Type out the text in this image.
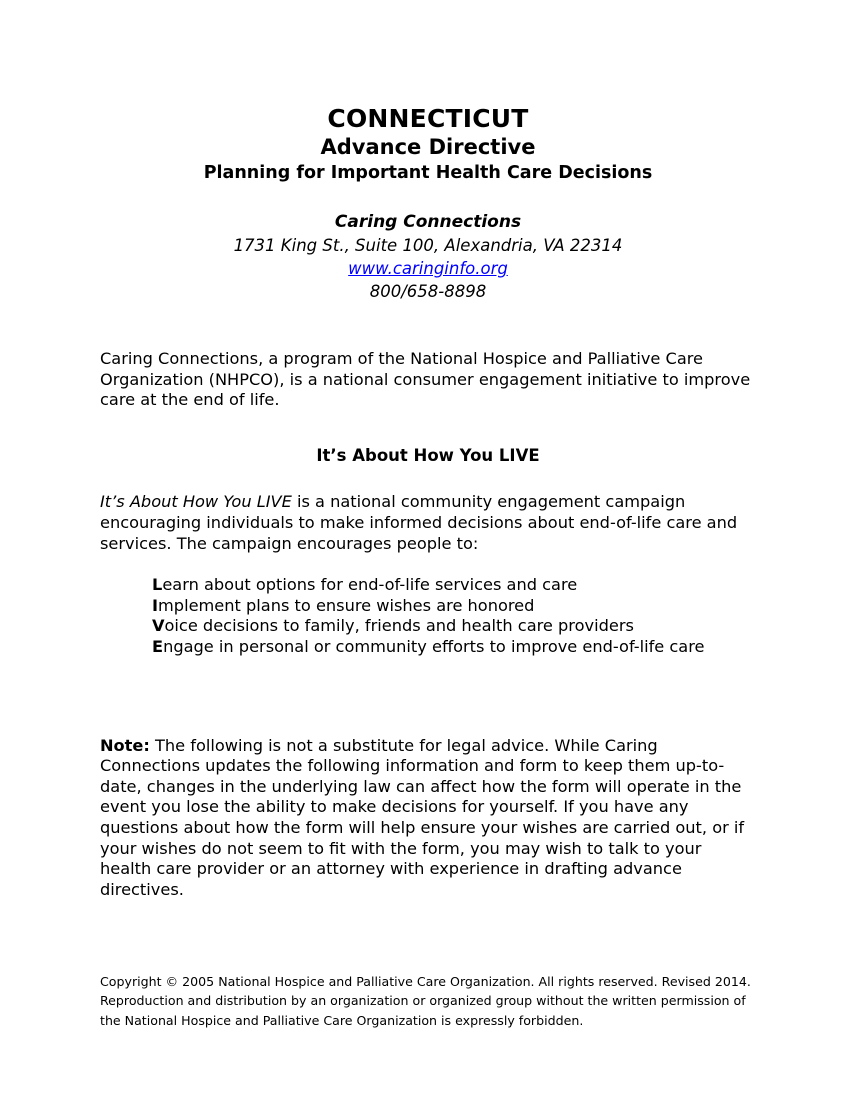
CONNECTICUT
Advance Directive
Planning for Important Health Care Decisions
Caring Connections
1731 King St., Suite 100, Alexandria, VA 22314
www.caringinfo.org
800/658-8898

Caring Connections, a program of the National Hospice and Palliative Care Organization (NHPCO), is a national consumer engagement initiative to improve care at the end of life.

It’s About How You LIVE

It’s About How You LIVE is a national community engagement campaign encouraging individuals to make informed decisions about end-of-life care and services. The campaign encourages people to:

Learn about options for end-of-life services and care
Implement plans to ensure wishes are honored
Voice decisions to family, friends and health care providers
Engage in personal or community efforts to improve end-of-life care

Note: The following is not a substitute for legal advice. While Caring Connections updates the following information and form to keep them up-to-date, changes in the underlying law can affect how the form will operate in the event you lose the ability to make decisions for yourself. If you have any questions about how the form will help ensure your wishes are carried out, or if your wishes do not seem to fit with the form, you may wish to talk to your health care provider or an attorney with experience in drafting advance directives.

Copyright © 2005 National Hospice and Palliative Care Organization. All rights reserved. Revised 2014. Reproduction and distribution by an organization or organized group without the written permission of the National Hospice and Palliative Care Organization is expressly forbidden.
